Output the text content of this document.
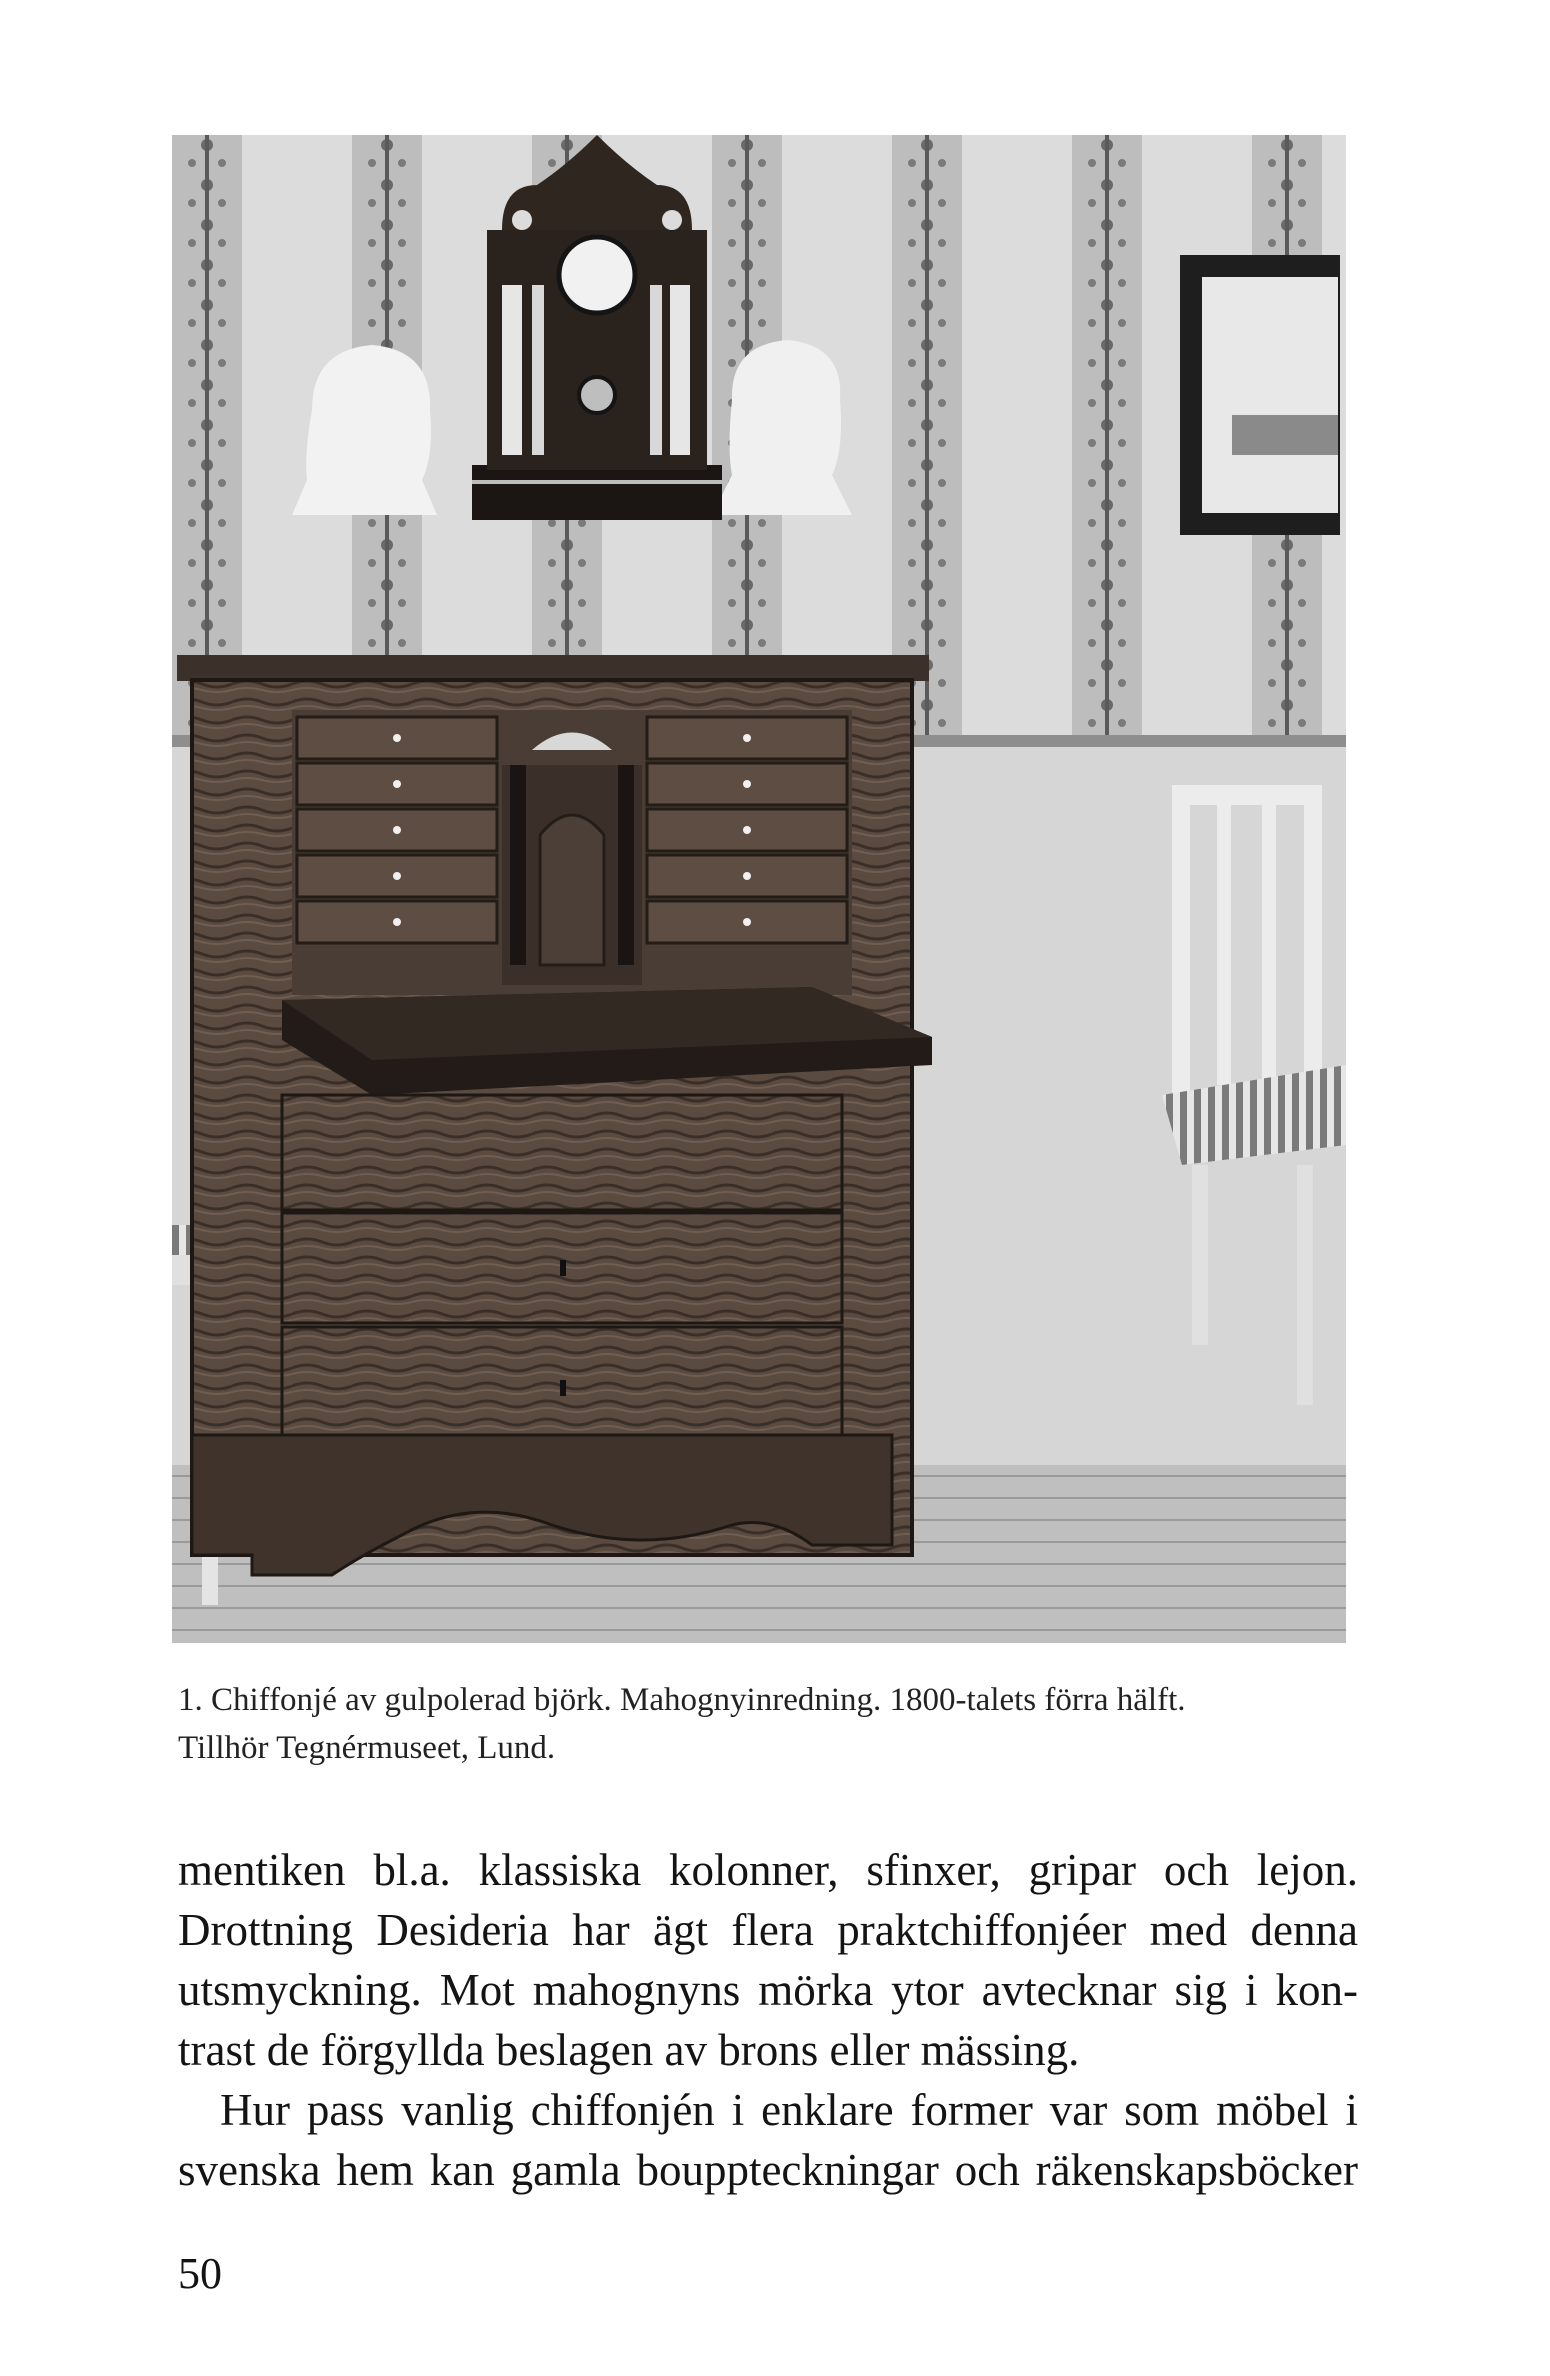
1. Chiffonjé av gulpolerad björk. Mahognyinredning. 1800-talets förra hälft.
Tillhör Tegnérmuseet, Lund.
mentiken bl.a. klassiska kolonner, sfinxer, gripar och lejon.
Drottning Desideria har ägt flera praktchiffonjéer med denna
utsmyckning. Mot mahognyns mörka ytor avtecknar sig i kon-
trast de förgyllda beslagen av brons eller mässing.
Hur pass vanlig chiffonjén i enklare former var som möbel i
svenska hem kan gamla bouppteckningar och räkenskapsböcker
50
